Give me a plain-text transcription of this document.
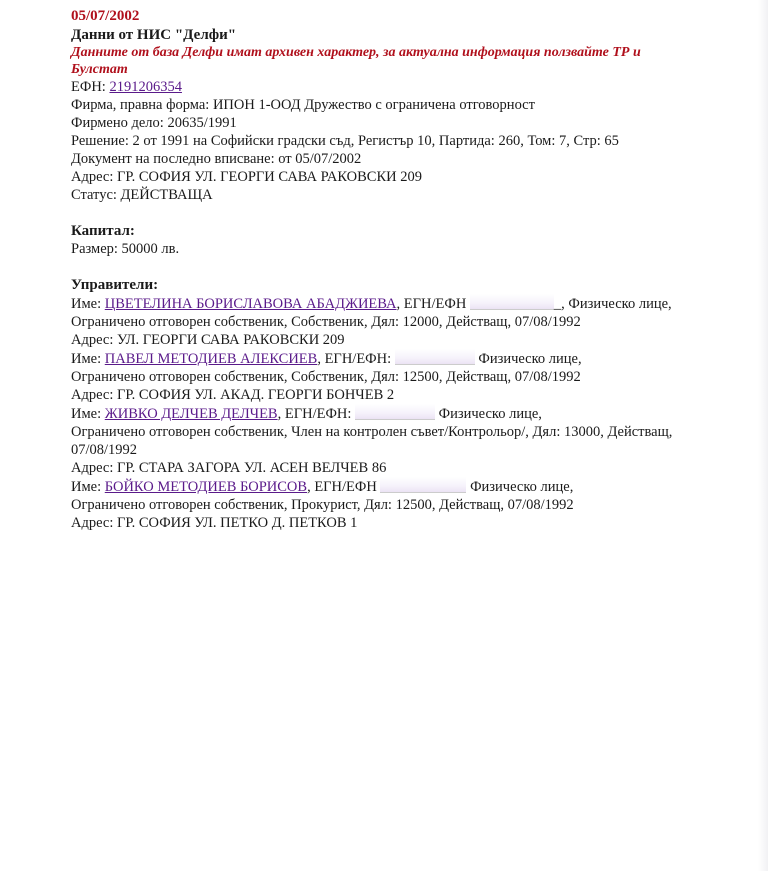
05/07/2002
Данни от НИС "Делфи"
Данните от база Делфи имат архивен характер, за актуална информация ползвайте ТР и Булстат
ЕФН: 2191206354
Фирма, правна форма: ИПОН 1-ООД Дружество с ограничена отговорност
Фирмено дело: 20635/1991
Решение: 2 от 1991 на Софийски градски съд, Регистър 10, Партида: 260, Том: 7, Стр: 65
Документ на последно вписване: от 05/07/2002
Адрес: ГР. СОФИЯ УЛ. ГЕОРГИ САВА РАКОВСКИ 209
Статус: ДЕЙСТВАЩА
Капитал:
Размер: 50000 лв.
Управители:
Име: ЦВЕТЕЛИНА БОРИСЛАВОВА АБАДЖИЕВА, ЕГН/ЕФН	_, Физическо лице,
Ограничено отговорен собственик, Собственик, Дял: 12000, Действащ, 07/08/1992
Адрес: УЛ. ГЕОРГИ САВА РАКОВСКИ 209
Име: ПАВЕЛ МЕТОДИЕВ АЛЕКСИЕВ, ЕГН/ЕФН:	Физическо лице,
Ограничено отговорен собственик, Собственик, Дял: 12500, Действащ, 07/08/1992
Адрес: ГР. СОФИЯ УЛ. АКАД. ГЕОРГИ БОНЧЕВ 2
Име: ЖИВКО ДЕЛЧЕВ ДЕЛЧЕВ, ЕГН/ЕФН:	Физическо лице,
Ограничено отговорен собственик, Член на контролен съвет/Контрольор/, Дял: 13000, Действащ, 07/08/1992
Адрес: ГР. СТАРА ЗАГОРА УЛ. АСЕН ВЕЛЧЕВ 86
Име: БОЙКО МЕТОДИЕВ БОРИСОВ, ЕГН/ЕФН	Физическо лице,
Ограничено отговорен собственик, Прокурист, Дял: 12500, Действащ, 07/08/1992
Адрес: ГР. СОФИЯ УЛ. ПЕТКО Д. ПЕТКОВ 1
